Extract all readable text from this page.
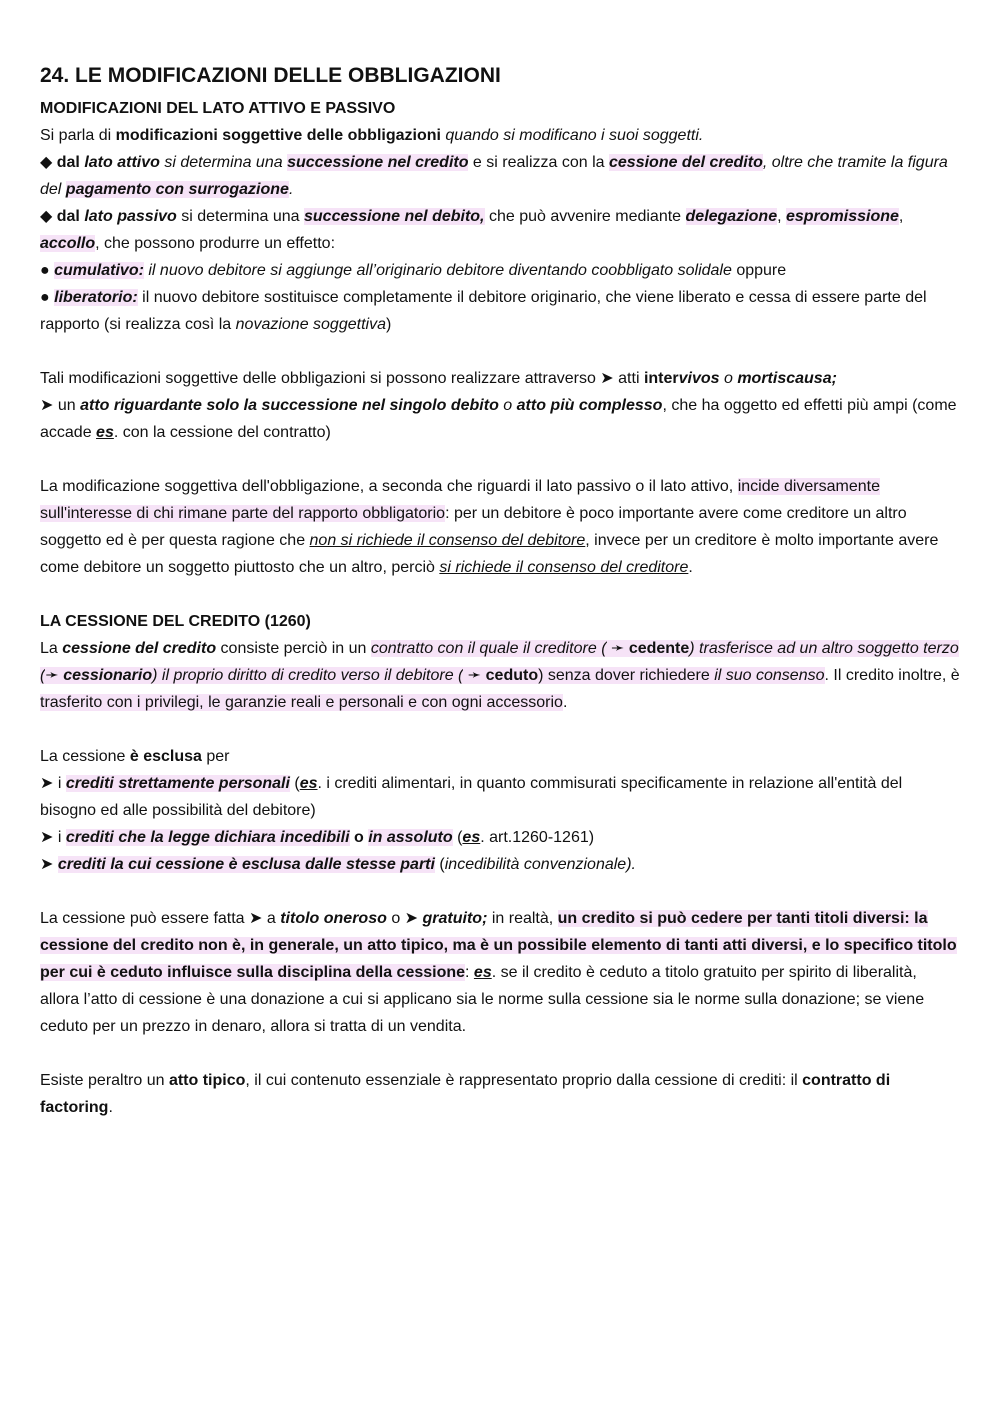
24. LE MODIFICAZIONI DELLE OBBLIGAZIONI
MODIFICAZIONI DEL LATO ATTIVO E PASSIVO

Si parla di modificazioni soggettive delle obbligazioni quando si modificano i suoi soggetti.

◆ dal lato attivo si determina una successione nel credito e si realizza con la cessione del credito, oltre che tramite la figura del pagamento con surrogazione.

◆ dal lato passivo si determina una successione nel debito, che può avvenire mediante delegazione, espromissione, accollo, che possono produrre un effetto:

● cumulativo: il nuovo debitore si aggiunge all’originario debitore diventando coobbligato solidale oppure

● liberatorio: il nuovo debitore sostituisce completamente il debitore originario, che viene liberato e cessa di essere parte del rapporto (si realizza così la novazione soggettiva)

Tali modificazioni soggettive delle obbligazioni si possono realizzare attraverso ➤ atti intervivos o mortiscausa;

➤ un atto riguardante solo la successione nel singolo debito o atto più complesso, che ha oggetto ed effetti più ampi (come accade es. con la cessione del contratto)

La modificazione soggettiva dell'obbligazione, a seconda che riguardi il lato passivo o il lato attivo, incide diversamente sull'interesse di chi rimane parte del rapporto obbligatorio: per un debitore è poco importante avere come creditore un altro soggetto ed è per questa ragione che non si richiede il consenso del debitore, invece per un creditore è molto importante avere come debitore un soggetto piuttosto che un altro, perciò si richiede il consenso del creditore.

LA CESSIONE DEL CREDITO (1260)

La cessione del credito consiste perciò in un contratto con il quale il creditore ( ➛ cedente) trasferisce ad un altro soggetto terzo (➛ cessionario) il proprio diritto di credito verso il debitore ( ➛ ceduto) senza dover richiedere il suo consenso. Il credito inoltre, è trasferito con i privilegi, le garanzie reali e personali e con ogni accessorio.

La cessione è esclusa per

➤ i crediti strettamente personali (es. i crediti alimentari, in quanto commisurati specificamente in relazione all'entità del bisogno ed alle possibilità del debitore)

➤ i crediti che la legge dichiara incedibili o in assoluto (es. art.1260-1261)

➤ crediti la cui cessione è esclusa dalle stesse parti (incedibilità convenzionale).

La cessione può essere fatta ➤ a titolo oneroso o ➤ gratuito; in realtà, un credito si può cedere per tanti titoli diversi: la cessione del credito non è, in generale, un atto tipico, ma è un possibile elemento di tanti atti diversi, e lo specifico titolo per cui è ceduto influisce sulla disciplina della cessione: es. se il credito è ceduto a titolo gratuito per spirito di liberalità, allora l’atto di cessione è una donazione a cui si applicano sia le norme sulla cessione sia le norme sulla donazione; se viene ceduto per un prezzo in denaro, allora si tratta di un vendita.

Esiste peraltro un atto tipico, il cui contenuto essenziale è rappresentato proprio dalla cessione di crediti: il contratto di factoring.
